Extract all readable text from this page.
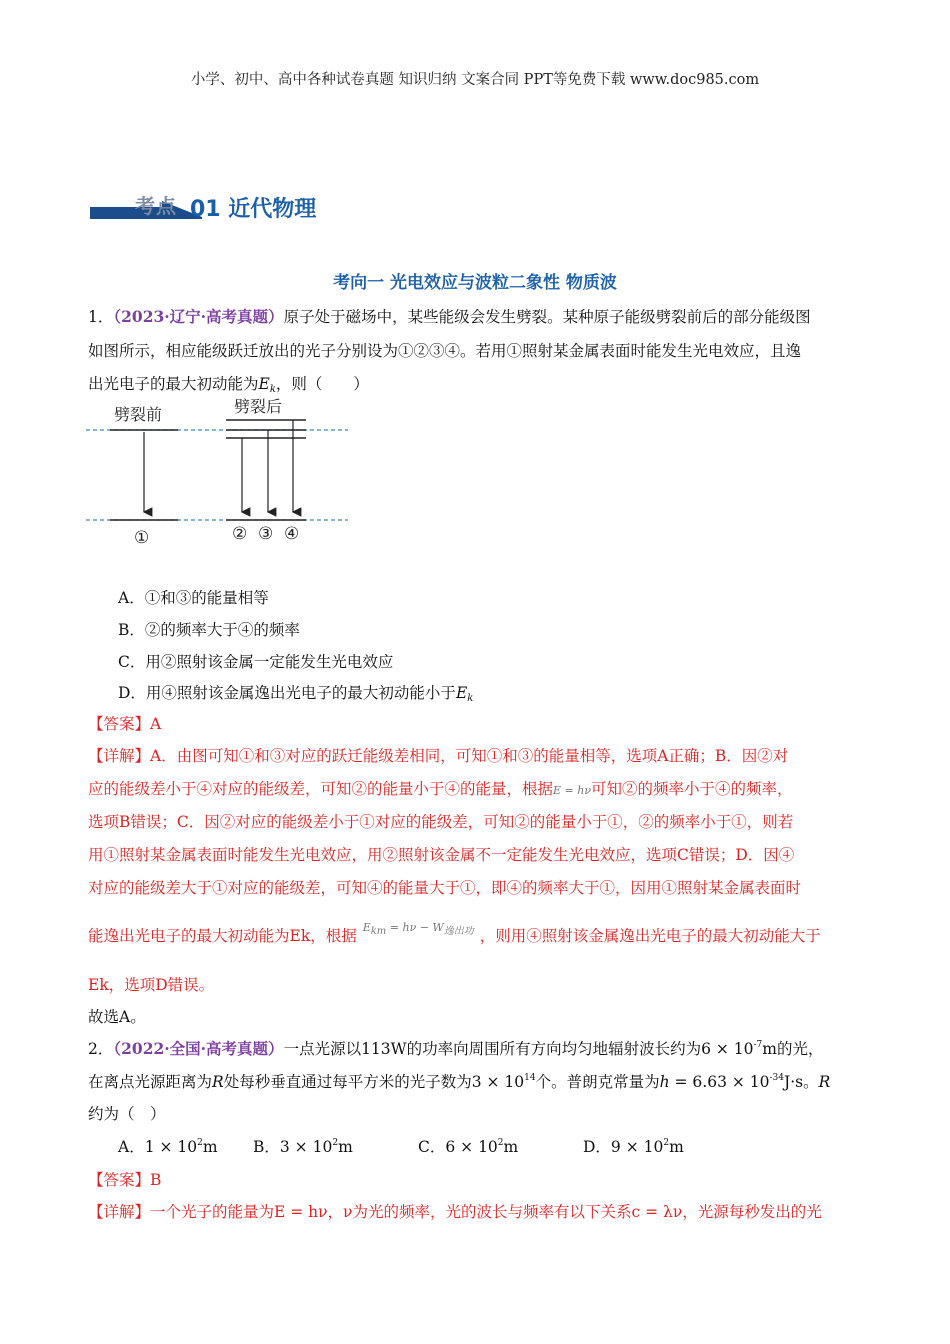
小学、初中、高中各种试卷真题 知识归纳 文案合同 PPT等免费下载 www.doc985.com
考点 01 近代物理
考向一 光电效应与波粒二象性 物质波
1．（2023·辽宁·高考真题）原子处于磁场中，某些能级会发生劈裂。某种原子能级劈裂前后的部分能级图
如图所示，相应能级跃迁放出的光子分别设为①②③④。若用①照射某金属表面时能发生光电效应，且逸
出光电子的最大初动能为$E_k$，则（　　）
劈裂前	劈裂后
①	② ③ ④
A．①和③的能量相等
B．②的频率大于④的频率
C．用②照射该金属一定能发生光电效应
D．用④照射该金属逸出光电子的最大初动能小于$E_k$
【答案】A
【详解】A．由图可知①和③对应的跃迁能级差相同，可知①和③的能量相等，选项A正确；B．因②对
应的能级差小于④对应的能级差，可知②的能量小于④的能量，根据E = hν可知②的频率小于④的频率，
选项B错误；C．因②对应的能级差小于①对应的能级差，可知②的能量小于①，②的频率小于①，则若
用①照射某金属表面时能发生光电效应，用②照射该金属不一定能发生光电效应，选项C错误；D．因④
对应的能级差大于①对应的能级差，可知④的能量大于①，即④的频率大于①，因用①照射某金属表面时
能逸出光电子的最大初动能为Ek，根据 $^{E_{km} = h\nu - W_{逸出功}}$ ，则用④照射该金属逸出光电子的最大初动能大于
Ek，选项D错误。
故选A。
2．（2022·全国·高考真题）一点光源以113W的功率向周围所有方向均匀地辐射波长约为$6 \times 10^{-7}m$的光，
在离点光源距离为R处每秒垂直通过每平方米的光子数为$3 \times 10^{14}$个。普朗克常量为$h = 6.63 \times 10^{-34}J\cdot s$。R
约为（　）
A．$1 \times 10^2m$ B．$3 \times 10^2m$	C．$6 \times 10^2m$	D．$9 \times 10^2m$
【答案】B
【详解】一个光子的能量为E = hν，ν为光的频率，光的波长与频率有以下关系c = λν，光源每秒发出的光
